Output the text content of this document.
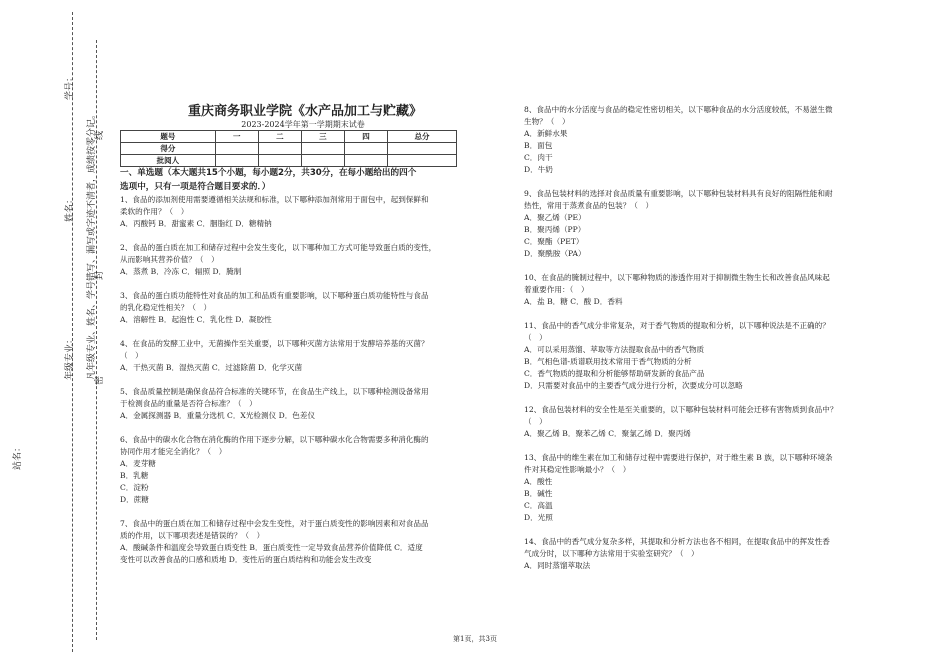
学号：
姓名：
年级专业：
站名：
凡年级专业、姓名、学号错写、漏写或字迹不清者，成绩按零分记。
密
封
线
重庆商务职业学院《水产品加工与贮藏》
2023-2024学年第一学期期末试卷
题号	一	二	三	四	总分
得分					
批阅人					

一、单选题（本大题共15个小题，每小题2分，共30分，在每小题给出的四个

选项中，只有一项是符合题目要求的．）

1、食品的添加剂使用需要遵循相关法规和标准，以下哪种添加剂常用于面包中，起到保鲜和

柔软的作用？（　）

A．丙酸钙 B．甜蜜素 C．胭脂红 D．糖精钠

2、食品的蛋白质在加工和储存过程中会发生变化，以下哪种加工方式可能导致蛋白质的变性，

从而影响其营养价值？（　）

A．蒸煮 B．冷冻 C．辐照 D．腌制

3、食品的蛋白质功能特性对食品的加工和品质有重要影响，以下哪种蛋白质功能特性与食品

的乳化稳定性相关？（　）

A．溶解性 B．起泡性 C．乳化性 D．凝胶性

4、在食品的发酵工业中，无菌操作至关重要，以下哪种灭菌方法常用于发酵培养基的灭菌？

（　）

A．干热灭菌 B．湿热灭菌 C．过滤除菌 D．化学灭菌

5、食品质量控制是确保食品符合标准的关键环节，在食品生产线上，以下哪种检测设备常用

于检测食品的重量是否符合标准？（　）

A．金属探测器 B．重量分选机 C．X光检测仪 D．色差仪

6、食品中的碳水化合物在消化酶的作用下逐步分解，以下哪种碳水化合物需要多种消化酶的

协同作用才能完全消化？（　）

A．麦芽糖

B．乳糖

C．淀粉

D．蔗糖

7、食品中的蛋白质在加工和储存过程中会发生变性，对于蛋白质变性的影响因素和对食品品

质的作用，以下哪项表述是错误的？（　）

A．酸碱条件和温度会导致蛋白质变性 B．蛋白质变性一定导致食品营养价值降低 C．适度

变性可以改善食品的口感和质地 D．变性后的蛋白质结构和功能会发生改变

8、食品中的水分活度与食品的稳定性密切相关，以下哪种食品的水分活度较低，不易滋生微

生物？（　）

A．新鲜水果

B．面包

C．肉干

D．牛奶

9、食品包装材料的选择对食品质量有重要影响，以下哪种包装材料具有良好的阻隔性能和耐

热性，常用于蒸煮食品的包装？（　）

A．聚乙烯（PE）

B．聚丙烯（PP）

C．聚酯（PET）

D．聚酰胺（PA）

10、在食品的腌制过程中，以下哪种物质的渗透作用对于抑制微生物生长和改善食品风味起

着重要作用：（　）

A．盐 B．糖 C．酸 D．香料

11、食品中的香气成分非常复杂，对于香气物质的提取和分析，以下哪种说法是不正确的？

（　）

A．可以采用蒸馏、萃取等方法提取食品中的香气物质

B．气相色谱-质谱联用技术常用于香气物质的分析

C．香气物质的提取和分析能够帮助研发新的食品产品

D．只需要对食品中的主要香气成分进行分析，次要成分可以忽略

12、食品包装材料的安全性是至关重要的，以下哪种包装材料可能会迁移有害物质到食品中？

（　）

A．聚乙烯 B．聚苯乙烯 C．聚氯乙烯 D．聚丙烯

13、食品中的维生素在加工和储存过程中需要进行保护，对于维生素 B 族，以下哪种环境条

件对其稳定性影响最小？（　）

A．酸性

B．碱性

C．高温

D．光照

14、食品中的香气成分复杂多样，其提取和分析方法也各不相同，在提取食品中的挥发性香

气成分时，以下哪种方法常用于实验室研究？（　）

A．同时蒸馏萃取法

第1页，共3页
